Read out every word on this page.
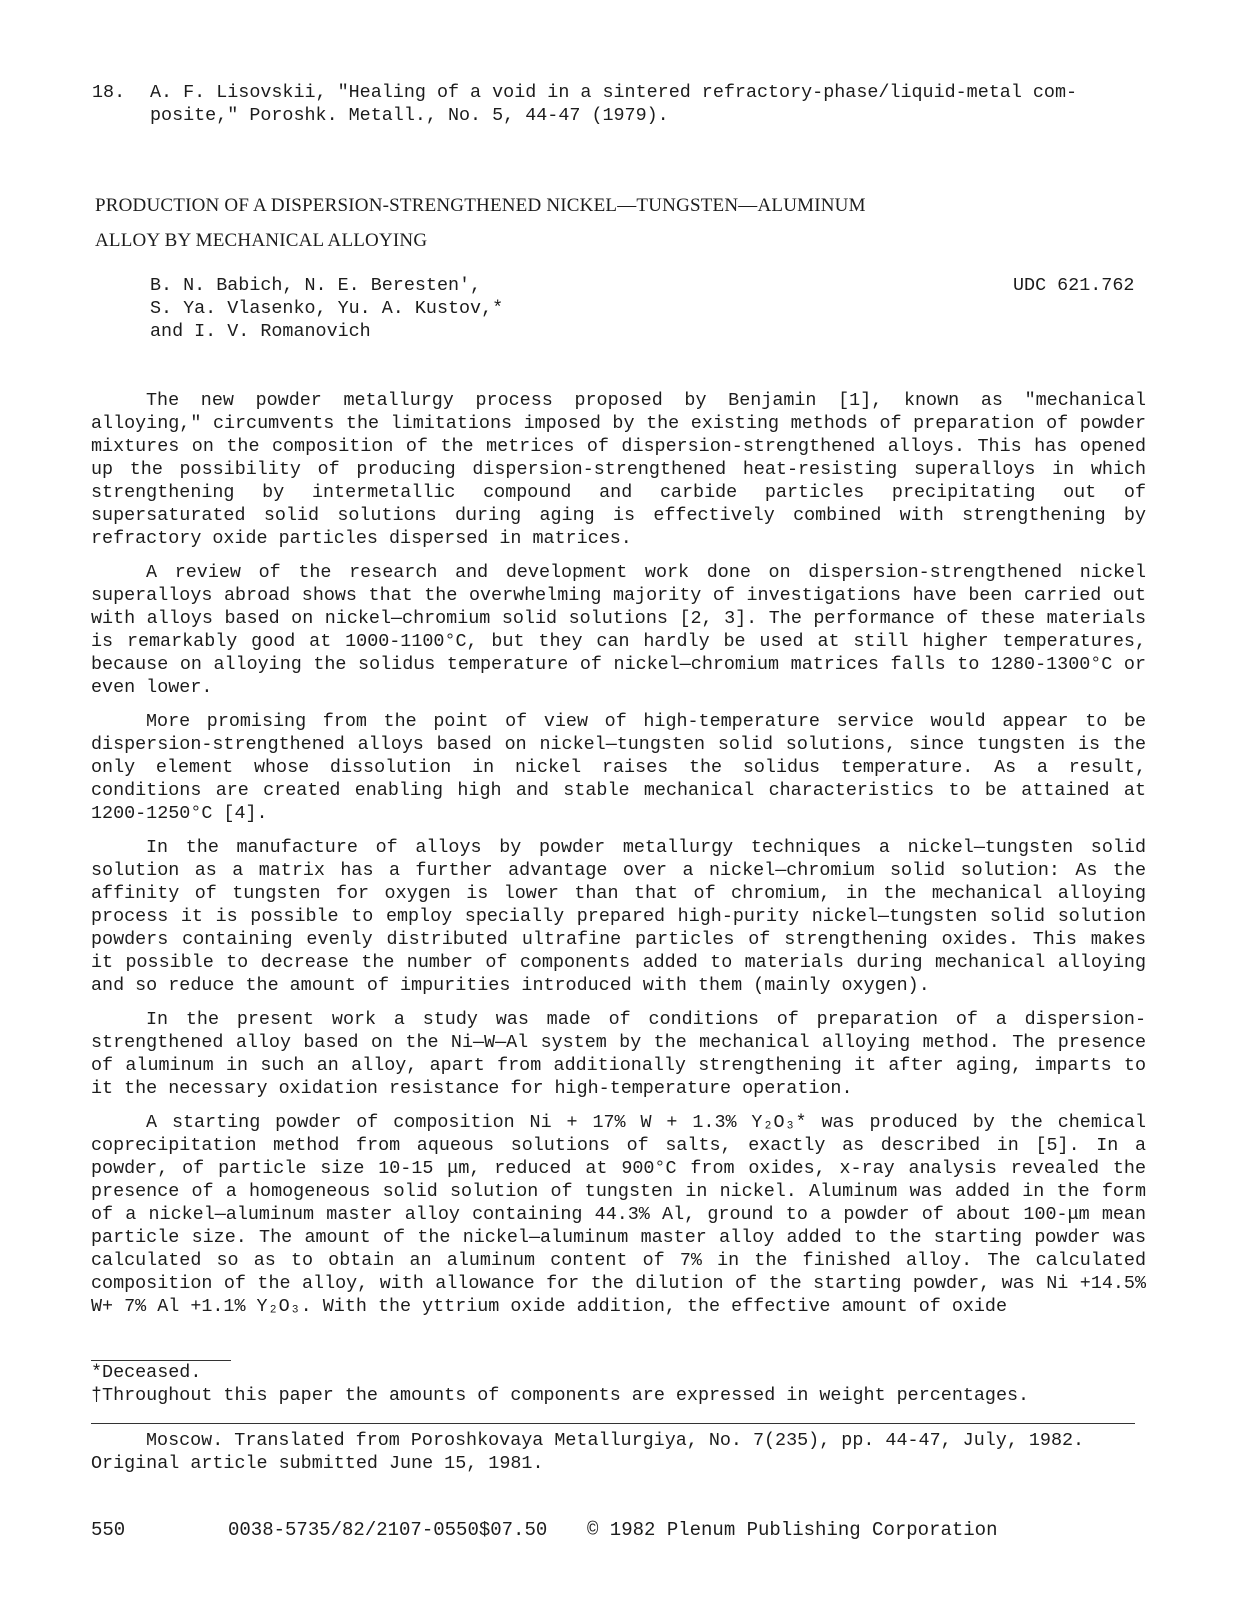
18. A. F. Lisovskii, "Healing of a void in a sintered refractory-phase/liquid-metal com-
posite," Poroshk. Metall., No. 5, 44-47 (1979).
PRODUCTION OF A DISPERSION-STRENGTHENED NICKEL—TUNGSTEN—ALUMINUM
ALLOY BY MECHANICAL ALLOYING
B. N. Babich, N. E. Beresten',
S. Ya. Vlasenko, Yu. A. Kustov,*
and I. V. Romanovich
UDC 621.762

The new powder metallurgy process proposed by Benjamin [1], known as "mechanical alloying," circumvents the limitations imposed by the existing methods of preparation of powder mixtures on the composition of the metrices of dispersion-strengthened alloys. This has opened up the possibility of producing dispersion-strengthened heat-resisting superalloys in which strengthening by intermetallic compound and carbide particles precipitating out of supersaturated solid solutions during aging is effectively combined with strengthening by refractory oxide particles dispersed in matrices.

A review of the research and development work done on dispersion-strengthened nickel superalloys abroad shows that the overwhelming majority of investigations have been carried out with alloys based on nickel—chromium solid solutions [2, 3]. The performance of these materials is remarkably good at 1000-1100°C, but they can hardly be used at still higher temperatures, because on alloying the solidus temperature of nickel—chromium matrices falls to 1280-1300°C or even lower.

More promising from the point of view of high-temperature service would appear to be dispersion-strengthened alloys based on nickel—tungsten solid solutions, since tungsten is the only element whose dissolution in nickel raises the solidus temperature. As a result, conditions are created enabling high and stable mechanical characteristics to be attained at 1200-1250°C [4].

In the manufacture of alloys by powder metallurgy techniques a nickel—tungsten solid solution as a matrix has a further advantage over a nickel—chromium solid solution: As the affinity of tungsten for oxygen is lower than that of chromium, in the mechanical alloying process it is possible to employ specially prepared high-purity nickel—tungsten solid solution powders containing evenly distributed ultrafine particles of strengthening oxides. This makes it possible to decrease the number of components added to materials during mechanical alloying and so reduce the amount of impurities introduced with them (mainly oxygen).

In the present work a study was made of conditions of preparation of a dispersion-strengthened alloy based on the Ni—W—Al system by the mechanical alloying method. The presence of aluminum in such an alloy, apart from additionally strengthening it after aging, imparts to it the necessary oxidation resistance for high-temperature operation.

A starting powder of composition Ni + 17% W + 1.3% Y₂O₃* was produced by the chemical coprecipitation method from aqueous solutions of salts, exactly as described in [5]. In a powder, of particle size 10-15 μm, reduced at 900°C from oxides, x-ray analysis revealed the presence of a homogeneous solid solution of tungsten in nickel. Aluminum was added in the form of a nickel—aluminum master alloy containing 44.3% Al, ground to a powder of about 100-μm mean particle size. The amount of the nickel—aluminum master alloy added to the starting powder was calculated so as to obtain an aluminum content of 7% in the finished alloy. The calculated composition of the alloy, with allowance for the dilution of the starting powder, was Ni +14.5% W+ 7% Al +1.1% Y₂O₃. With the yttrium oxide addition, the effective amount of oxide

*Deceased.
†Throughout this paper the amounts of components are expressed in weight percentages.
Moscow. Translated from Poroshkovaya Metallurgiya, No. 7(235), pp. 44-47, July, 1982.
Original article submitted June 15, 1981.
550	0038-5735/82/2107-0550$07.50 © 1982 Plenum Publishing Corporation
